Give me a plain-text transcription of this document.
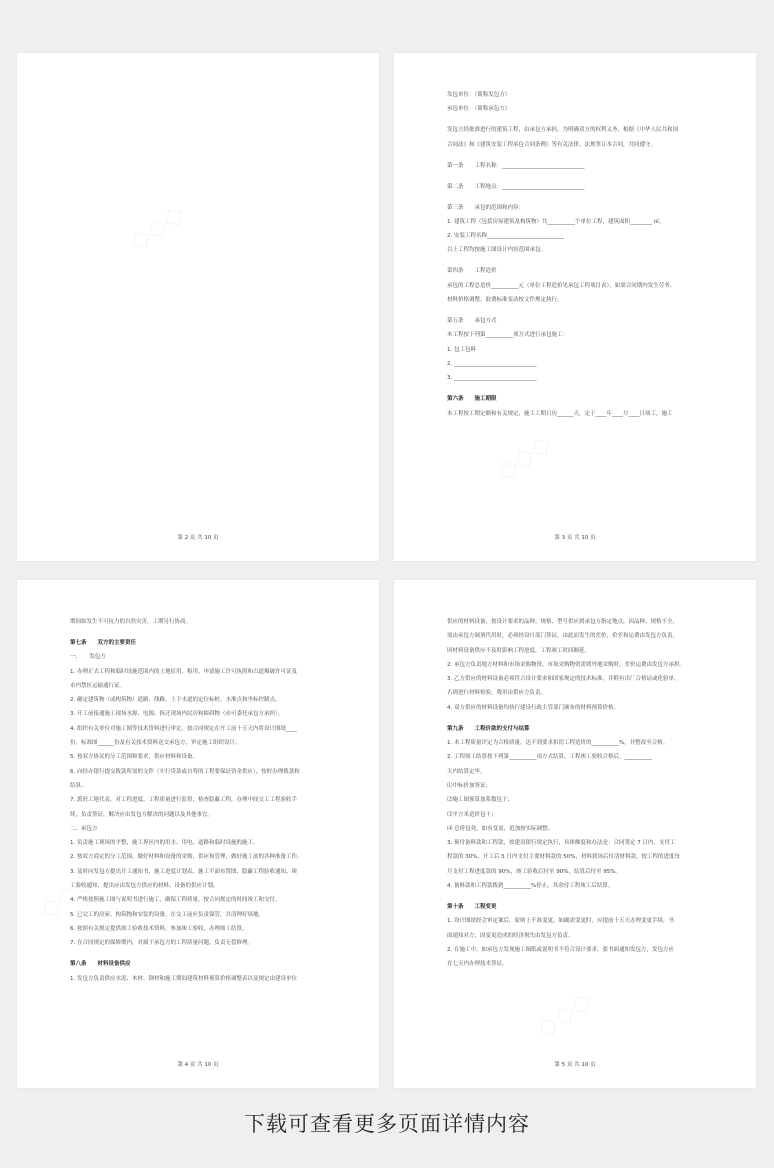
第 2 页 共 10 页
发包单位：（简称发包方）
承包单位：（简称承包方）
发包方经批准进行的建筑工程，由承包方承担。为明确双方的权利义务，根据《中华人民共和国
合同法》和《建筑安装工程承包合同条例》等有关法律、法规签订本合同，共同遵守。
第一条　　工程名称：______________________________
第二条　　工程地点：______________________________
第三条　　承包的范围和内容：
1. 建筑工程（包括房屋建筑及构筑物）共__________个单位工程，建筑面积________ ㎡。
2. 安装工程名称____________________________
以上工程均按施工图设计内容范围承包。
第四条　　工程造价
承包的工程总造价__________元（单位工程造价见承包工程项目表），如果合同期内发生劳务、
材料价格调整、取费标准变动按文件规定执行。
第五条　　承包方式
本工程按下列第__________项方式进行承包施工：
1. 包工包料
2. ______________________________
3. ______________________________
第六条　　施工期限
本工程按工期定额和有关规定，施工工期日历______天，定于____年____月____日竣工，施工
第 3 页 共 10 页
期间如发生不可抗力的自然灾害，工期另行协商。
第七条　　双方的主要责任
一、　　发包方
1. 办理正式工程和临时设施范围内的土地征用、租用、申请施工许可执照和占道爆破许可证及
市内禁区运输通行证。
2. 确定建筑物（或构筑物）道路、线路、上下水道的定位标桩、水准点和坐标控制点。
3. 开工前接通施工现场水源、电源、拆迁现场内民房和障碍物（亦可委托承包方承担）。
4. 组织有关单位对施工图等技术资料进行审定，按合同规定在开工前十五天内将设计图纸____
份，标准图______份及有关技术资料送交承包方，审定施工组织设计。
5. 按双方协议的分工范围和要求，供应材料和设备。
6. 向经办银行提交拨款所需的文件（实行贷款或自筹的工程要保证资金供应），按时办理拨款和
结算。
7. 派驻工地代表，对工程进度、工程质量进行监督，检查隐蔽工程，办理中间交工工程验收手
续，负责签证，解决应由发包方解决的问题以及其他事宜。
二、承包方
1. 负责施工现场的平整、施工界区内的用水、用电、道路和临时设施的施工。
2. 按双方商定的分工范围，做好材料和设备的采购、供应和管理，做好施工前的各种准备工作。
3. 及时向发包方提出开工通知书、施工进度计划表、施工平面布置图、隐蔽工程验收通知、竣
工验收通知，提出应由发包方供应的材料、设备的供应计划。
4. 严格按照施工图与说明书进行施工，确保工程质量，按合同规定的时间竣工和交付。
5. 已完工的房屋、构筑物和安装的设备，在交工前应负责保管，并清理好场地。
6. 按照有关规定提供竣工验收技术资料，参加竣工验收，办理竣工结算。
7. 在合同规定的保修期内，对属于承包方的工程质量问题，负责无偿修理。
第八条　　材料设备供应
1. 发包方负责供应水泥、木材、钢材和施工期间建筑材料预算价格调整表以及规定由建设单位
第 4 页 共 10 页
供应的材料设备，按设计要求的品种、规格、型号供应到承包方指定地点，因品种、规格不全，
需由承包方调剂代用时，必须经设计部门签证，由此而发生的差价，价差和运费由发包方负责，
因材料设备供应不及时影响工程进度，工程竣工时间顺延。
2. 承包方负责地方材料和市场采购物资，市场采购物资需到外地采购时，差价运费由发包方承担。
3. 乙方供应的材料设备必须符合设计要求和国家规定的技术标准，并附有出厂合格证或化验单，
否则进行材料检验，费用由供应方负责。
4. 双方供应的材料设备均执行建设行政主管部门颁布的材料预算价格。
第九条　　工程价款的支付与结算
1. 本工程质量评定为合格质量，达不到要求扣罚工程造价的__________%，并整改至合格。
2. 工程竣工结算按下列第__________项方式结算，工程竣工验收合格后，__________
天内结算定毕。
⑴中标价加签证；
⑵施工图预算加系数包干；
⑶平方米造价包干；
⑷ 总价包死，如有变更，追加按实际调整。
3. 预付备料款和工程款，按建设银行规定执行，具体额度和办法是：合同签定 7 日内，支付工
程款的 30%，开工后 5 日内支付主要材料款的 50%，材料到场后付清材料款，按工程的进度每
月支付工程进度款的 90%，竣工验收后付至 90%，结算后付至 95%。
4. 备料款和工程款拨到__________%停止，其余待工程竣工后结算。
第十条　　工程变更
1. 设计图纸经会审定案后，原则上不准变更，如确需变更时，应提前十五天办理变更手续，书
面通知对方，因变更造成的经济损失由发包方负责。
2. 在施工中，如承包方发现施工图纸或说明书不符合设计要求，要书面通知发包方，发包方应
在七天内办理技术签证。
第 5 页 共 10 页
下载可查看更多页面详情内容
